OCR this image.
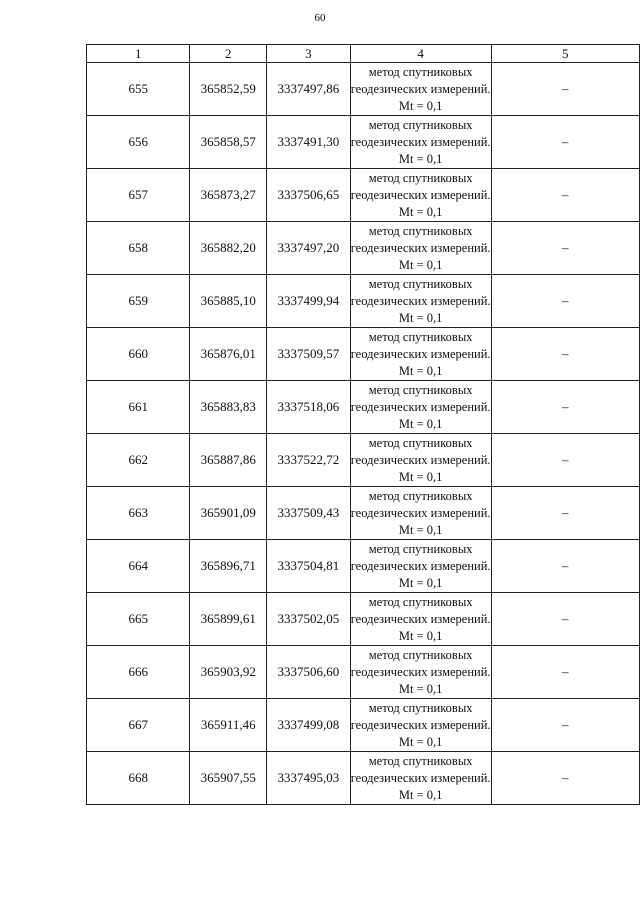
60
1	2	3	4	5
655	365852,59	3337497,86	метод спутниковых геодезических измерений. Mt = 0,1	–
656	365858,57	3337491,30	метод спутниковых геодезических измерений. Mt = 0,1	–
657	365873,27	3337506,65	метод спутниковых геодезических измерений. Mt = 0,1	–
658	365882,20	3337497,20	метод спутниковых геодезических измерений. Mt = 0,1	–
659	365885,10	3337499,94	метод спутниковых геодезических измерений. Mt = 0,1	–
660	365876,01	3337509,57	метод спутниковых геодезических измерений. Mt = 0,1	–
661	365883,83	3337518,06	метод спутниковых геодезических измерений. Mt = 0,1	–
662	365887,86	3337522,72	метод спутниковых геодезических измерений. Mt = 0,1	–
663	365901,09	3337509,43	метод спутниковых геодезических измерений. Mt = 0,1	–
664	365896,71	3337504,81	метод спутниковых геодезических измерений. Mt = 0,1	–
665	365899,61	3337502,05	метод спутниковых геодезических измерений. Mt = 0,1	–
666	365903,92	3337506,60	метод спутниковых геодезических измерений. Mt = 0,1	–
667	365911,46	3337499,08	метод спутниковых геодезических измерений. Mt = 0,1	–
668	365907,55	3337495,03	метод спутниковых геодезических измерений. Mt = 0,1	–
